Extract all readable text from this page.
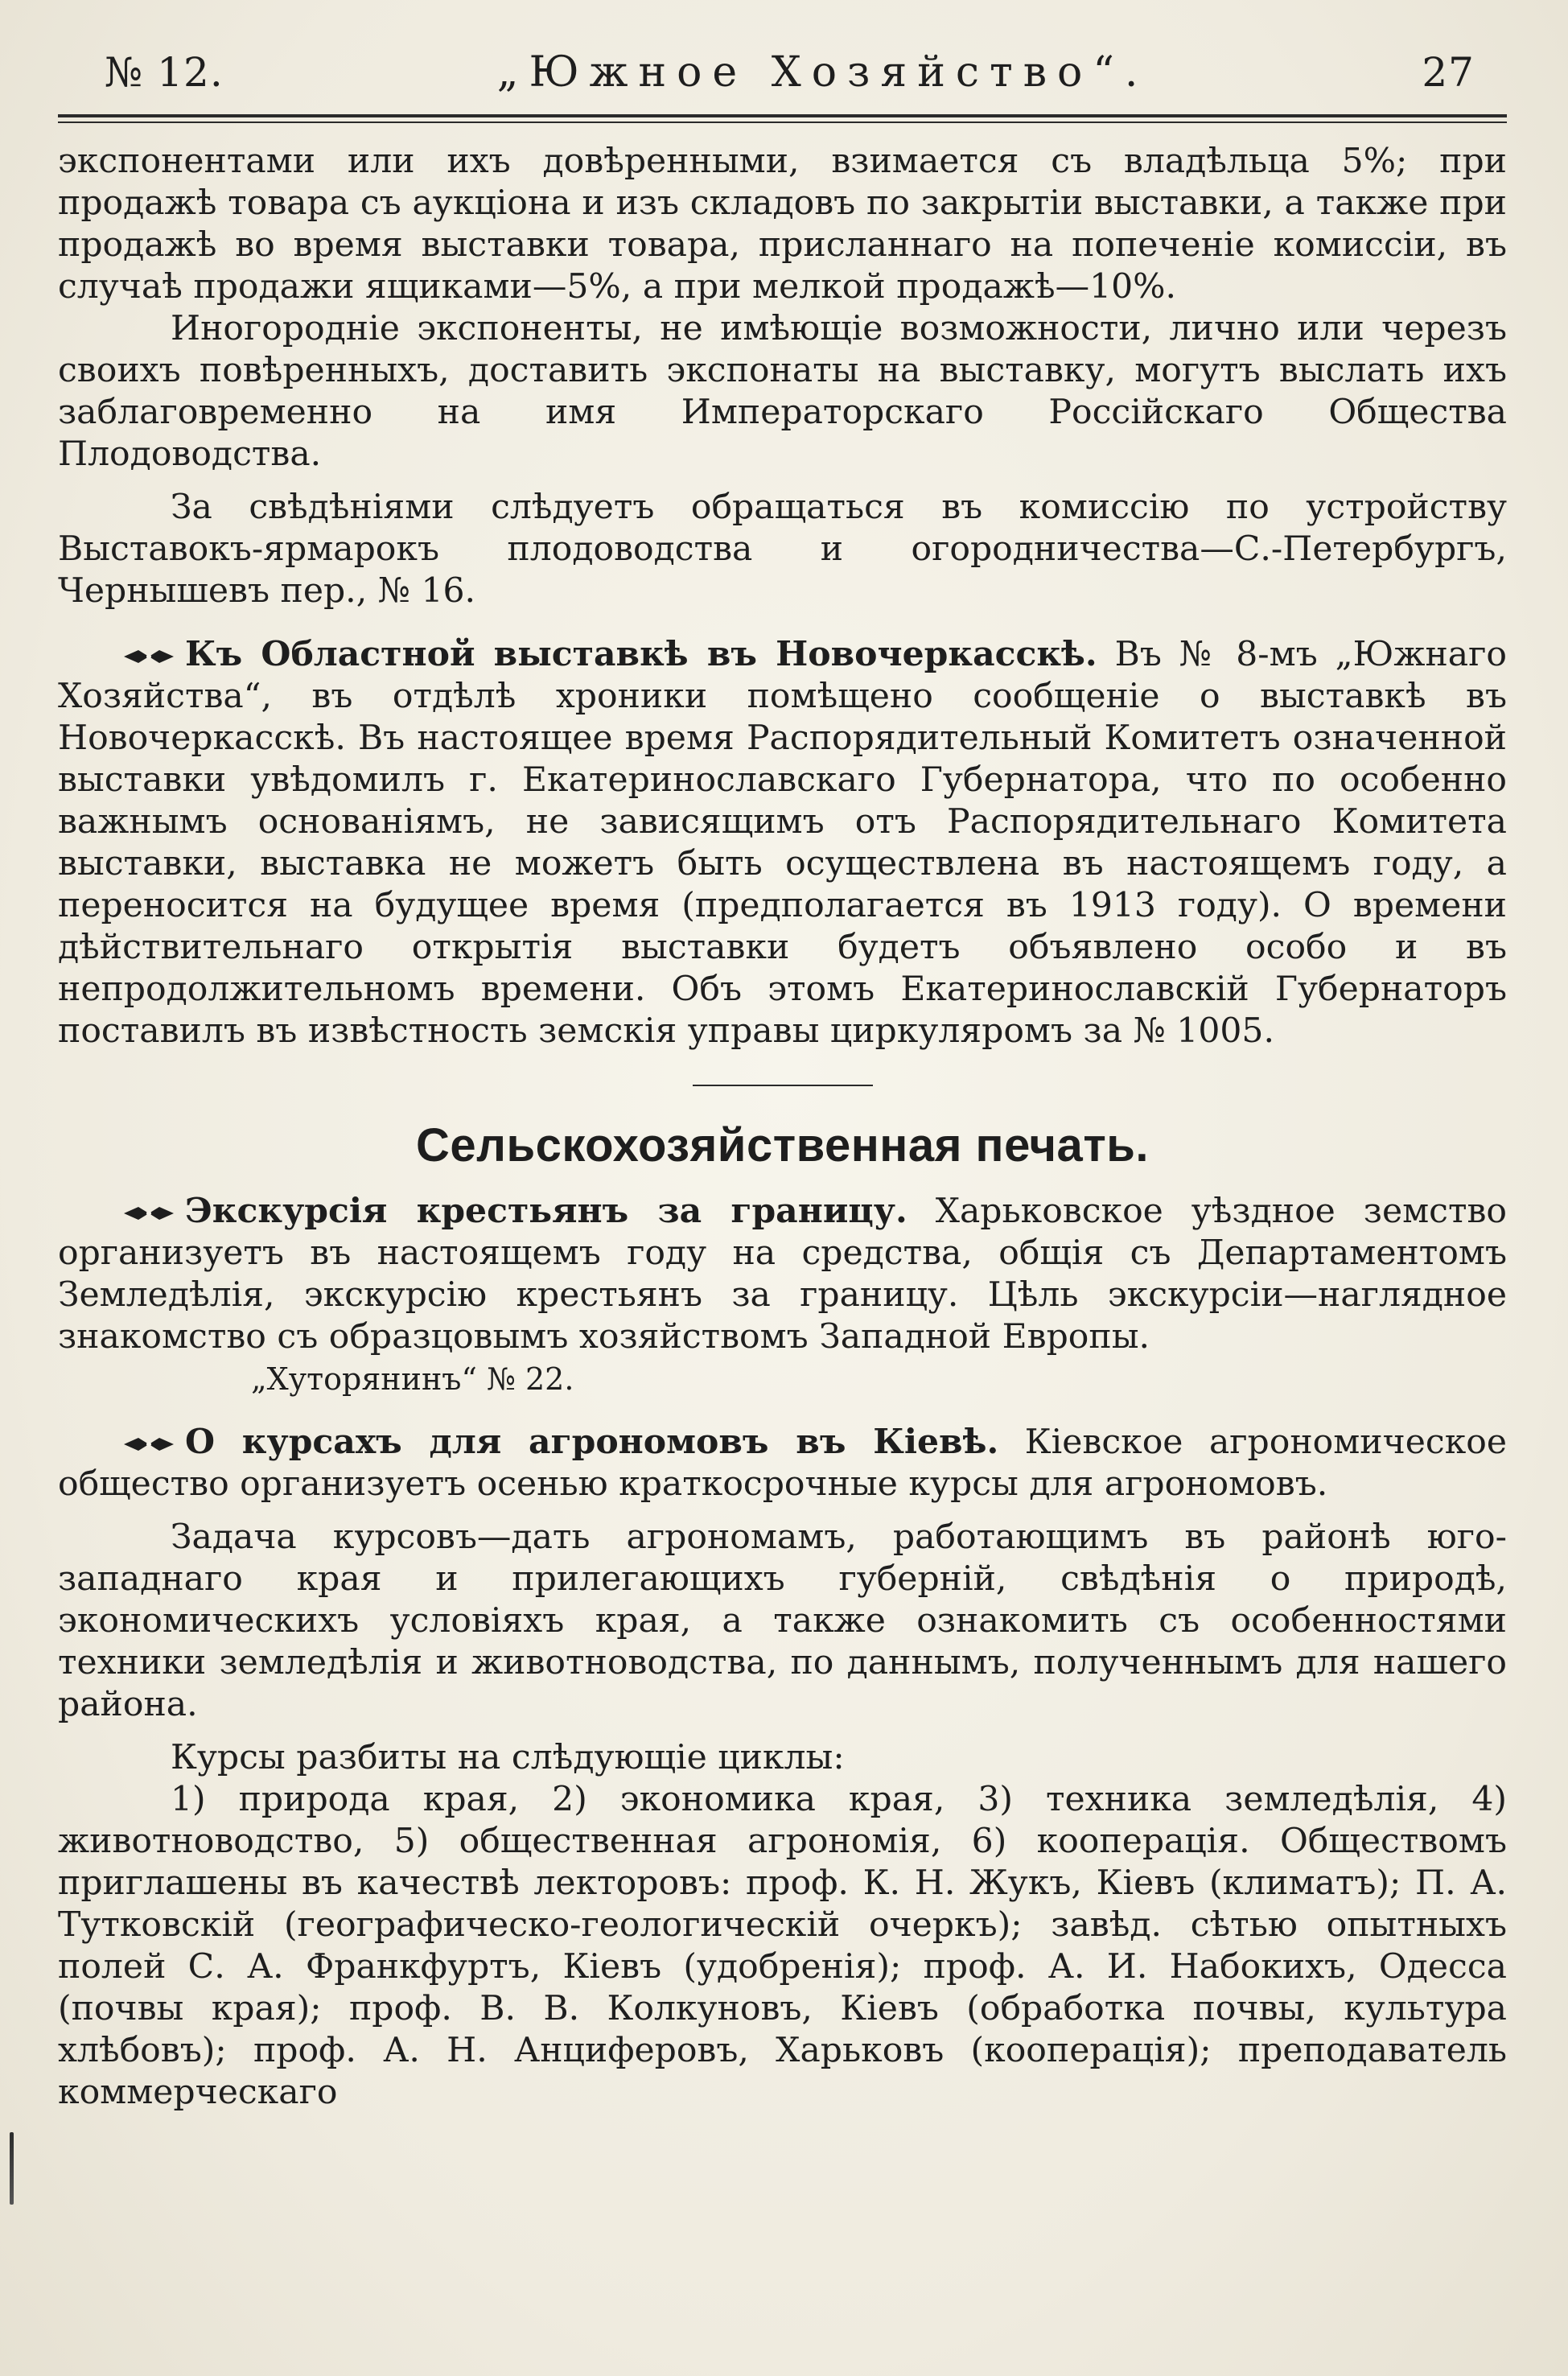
№ 12.	„Южное Хозяйство“.	27

экспонентами или ихъ довѣренными, взимается съ владѣльца 5%; при продажѣ товара съ аукціона и изъ складовъ по закрытіи выставки, а также при продажѣ во время выставки товара, присланнаго на попеченіе комиссіи, въ случаѣ продажи ящиками—5%, а при мелкой продажѣ—10%.

Иногородніе экспоненты, не имѣющіе возможности, лично или черезъ своихъ повѣренныхъ, доставить экспонаты на выставку, могутъ выслать ихъ заблаговременно на имя Императорскаго Россійскаго Общества Плодоводства.

За свѣдѣніями слѣдуетъ обращаться въ комиссію по устройству Выставокъ-ярмарокъ плодоводства и огородничества—С.-Петербургъ, Чернышевъ пер., № 16.

Къ Областной выставкѣ въ Новочеркасскѣ. Въ № 8-мъ „Южнаго Хозяйства“, въ отдѣлѣ хроники помѣщено сообщеніе о выставкѣ въ Новочеркасскѣ. Въ настоящее время Распорядительный Комитетъ означенной выставки увѣдомилъ г. Екатеринославскаго Губернатора, что по особенно важнымъ основаніямъ, не зависящимъ отъ Распорядительнаго Комитета выставки, выставка не можетъ быть осуществлена въ настоящемъ году, а переносится на будущее время (предполагается въ 1913 году). О времени дѣйствительнаго открытія выставки будетъ объявлено особо и въ непродолжительномъ времени. Объ этомъ Екатеринославскій Губернаторъ поставилъ въ извѣстность земскія управы циркуляромъ за № 1005.

Сельскохозяйственная печать.

Экскурсія крестьянъ за границу. Харьковское уѣздное земство организуетъ въ настоящемъ году на средства, общія съ Департаментомъ Земледѣлія, экскурсію крестьянъ за границу. Цѣль экскурсіи—наглядное знакомство съ образцовымъ хозяйствомъ Западной Европы.

„Хуторянинъ“ № 22.

О курсахъ для агрономовъ въ Кіевѣ. Кіевское агрономическое общество организуетъ осенью краткосрочные курсы для агрономовъ.

Задача курсовъ—дать агрономамъ, работающимъ въ районѣ юго-западнаго края и прилегающихъ губерній, свѣдѣнія о природѣ, экономическихъ условіяхъ края, а также ознакомить съ особенностями техники земледѣлія и животноводства, по даннымъ, полученнымъ для нашего района.

Курсы разбиты на слѣдующіе циклы:

1) природа края, 2) экономика края, 3) техника земледѣлія, 4) животноводство, 5) общественная агрономія, 6) кооперація. Обществомъ приглашены въ качествѣ лекторовъ: проф. К. Н. Жукъ, Кіевъ (климатъ); П. А. Тутковскій (географическо-геологическій очеркъ); завѣд. сѣтью опытныхъ полей С. А. Франкфуртъ, Кіевъ (удобренія); проф. А. И. Набокихъ, Одесса (почвы края); проф. В. В. Колкуновъ, Кіевъ (обработка почвы, культура хлѣбовъ); проф. А. Н. Анциферовъ, Харьковъ (кооперація); преподаватель коммерческаго
